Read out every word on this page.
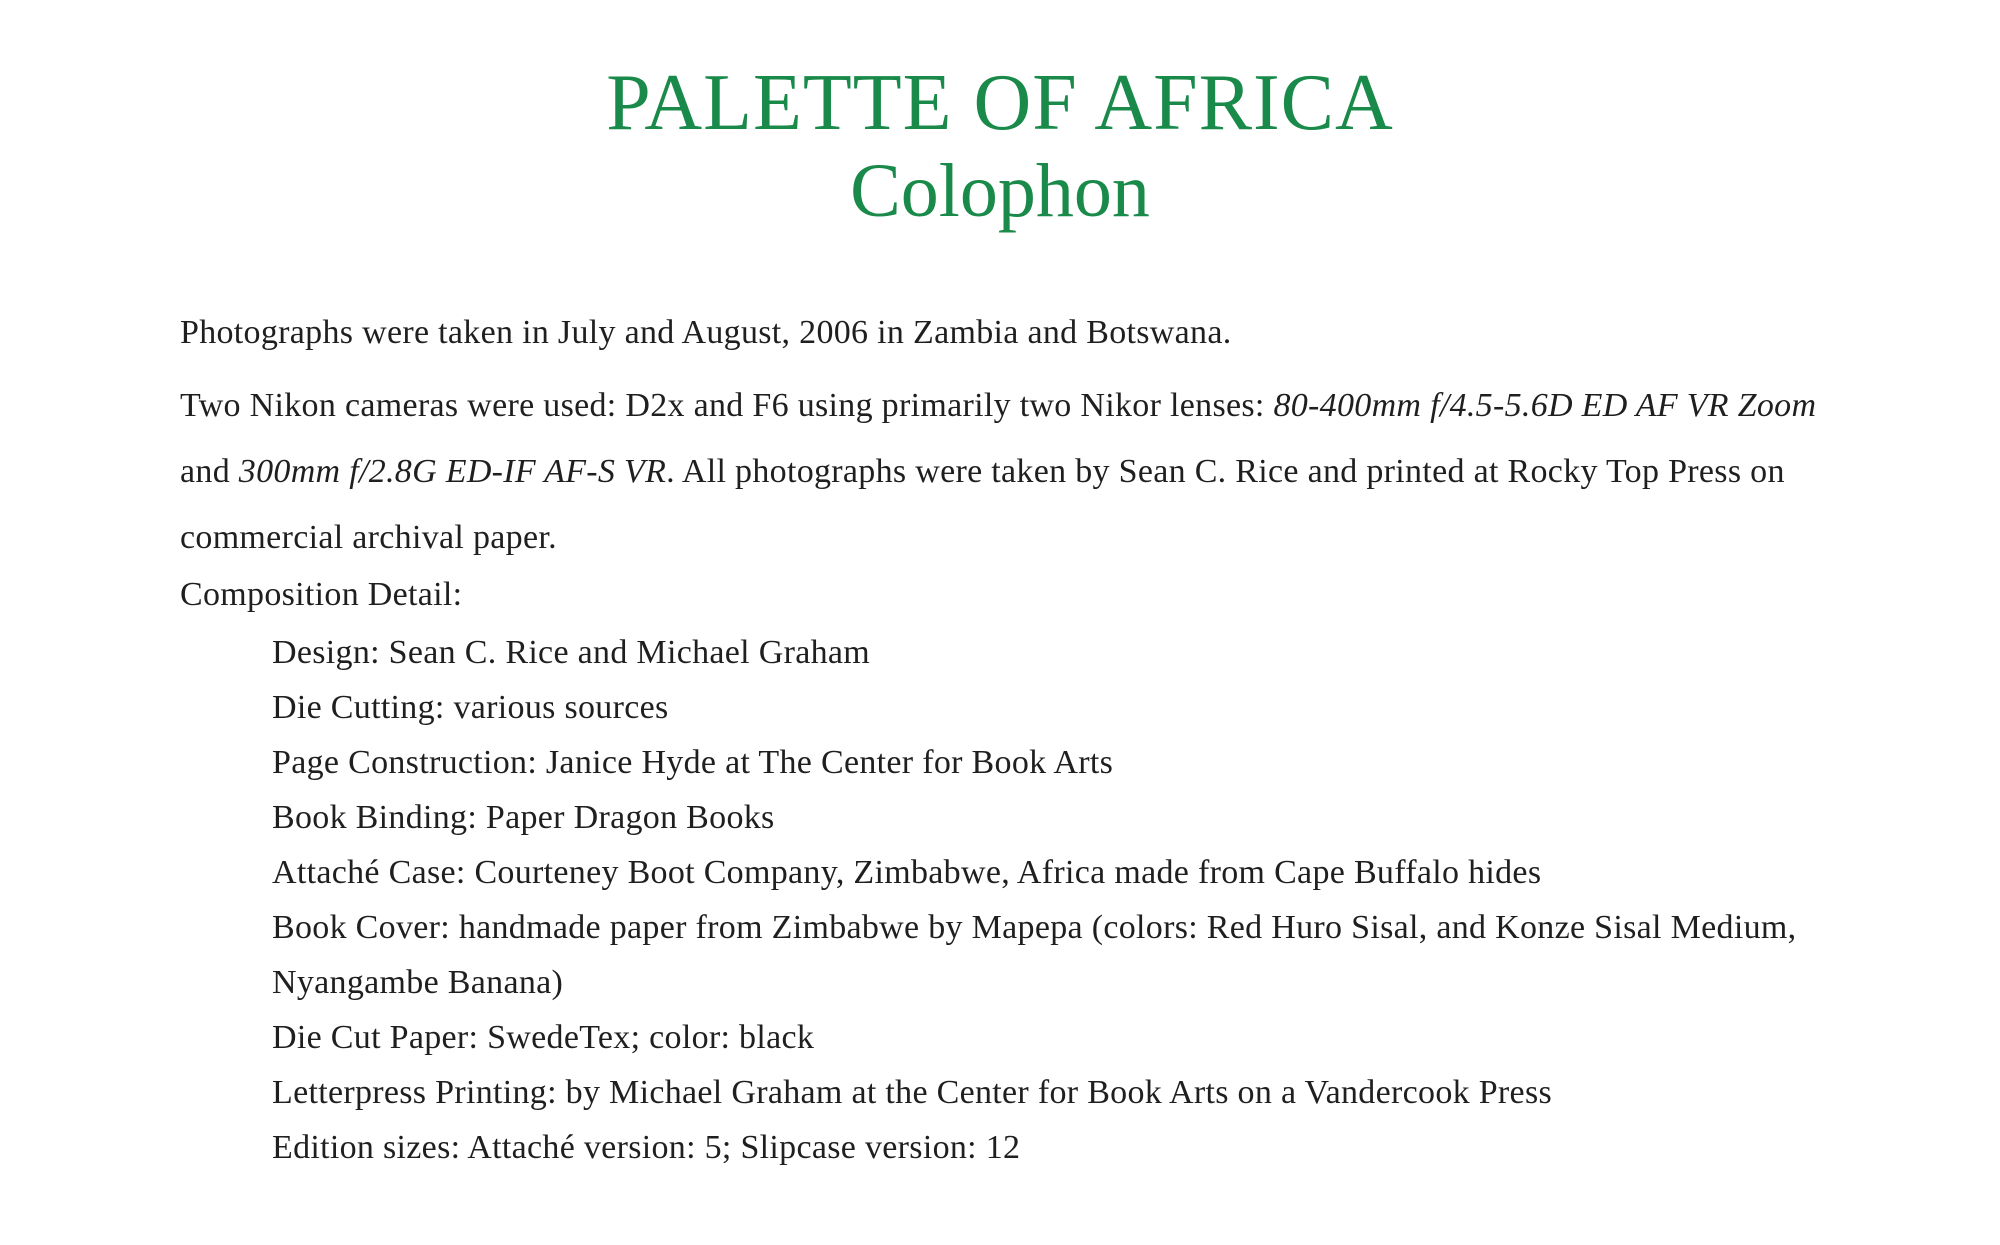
PALETTE OF AFRICA
Colophon

Photographs were taken in July and August, 2006 in Zambia and Botswana.

Two Nikon cameras were used: D2x and F6 using primarily two Nikor lenses: 80-400mm f/4.5-5.6D ED AF VR Zoom and 300mm f/2.8G ED-IF AF-S VR. All photographs were taken by Sean C. Rice and printed at Rocky Top Press on commercial archival paper.

Composition Detail:

Design: Sean C. Rice and Michael Graham
Die Cutting: various sources
Page Construction: Janice Hyde at The Center for Book Arts
Book Binding: Paper Dragon Books
Attaché Case: Courteney Boot Company, Zimbabwe, Africa made from Cape Buffalo hides
Book Cover: handmade paper from Zimbabwe by Mapepa (colors: Red Huro Sisal, and Konze Sisal Medium, Nyangambe Banana)
Die Cut Paper: SwedeTex; color: black
Letterpress Printing: by Michael Graham at the Center for Book Arts on a Vandercook Press
Edition sizes: Attaché version: 5; Slipcase version: 12
